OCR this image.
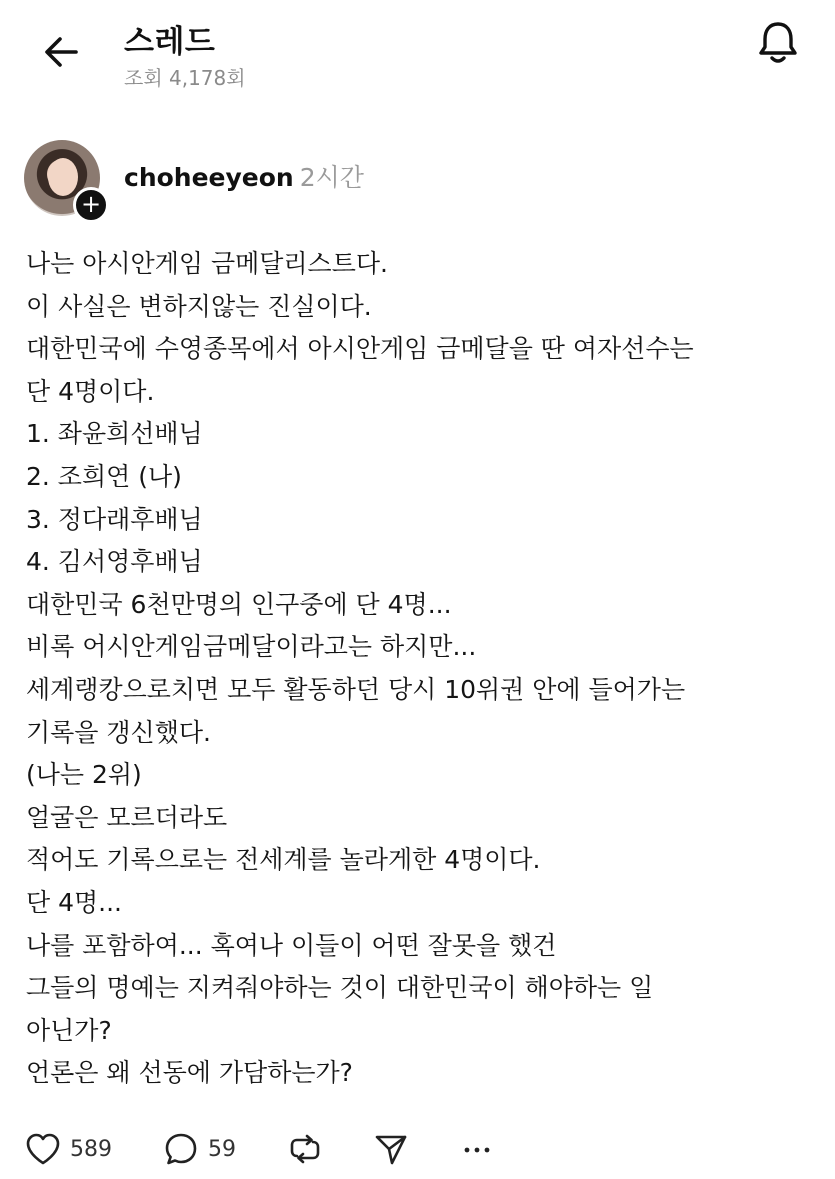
스레드
조회 4,178회
+
choheeyeon 2시간
나는 아시안게임 금메달리스트다.
이 사실은 변하지않는 진실이다.
대한민국에 수영종목에서 아시안게임 금메달을 딴 여자선수는
단 4명이다.
1. 좌윤희선배님
2. 조희연 (나)
3. 정다래후배님
4. 김서영후배님
대한민국 6천만명의 인구중에 단 4명...
비록 어시안게임금메달이라고는 하지만...
세계랭캉으로치면 모두 활동하던 당시 10위권 안에 들어가는
기록을 갱신했다.
(나는 2위)
얼굴은 모르더라도
적어도 기록으로는 전세계를 놀라게한 4명이다.
단 4명...
나를 포함하여... 혹여나 이들이 어떤 잘못을 했건
그들의 명예는 지켜줘야하는 것이 대한민국이 해야하는 일
아닌가?
언론은 왜 선동에 가담하는가?
589	59
